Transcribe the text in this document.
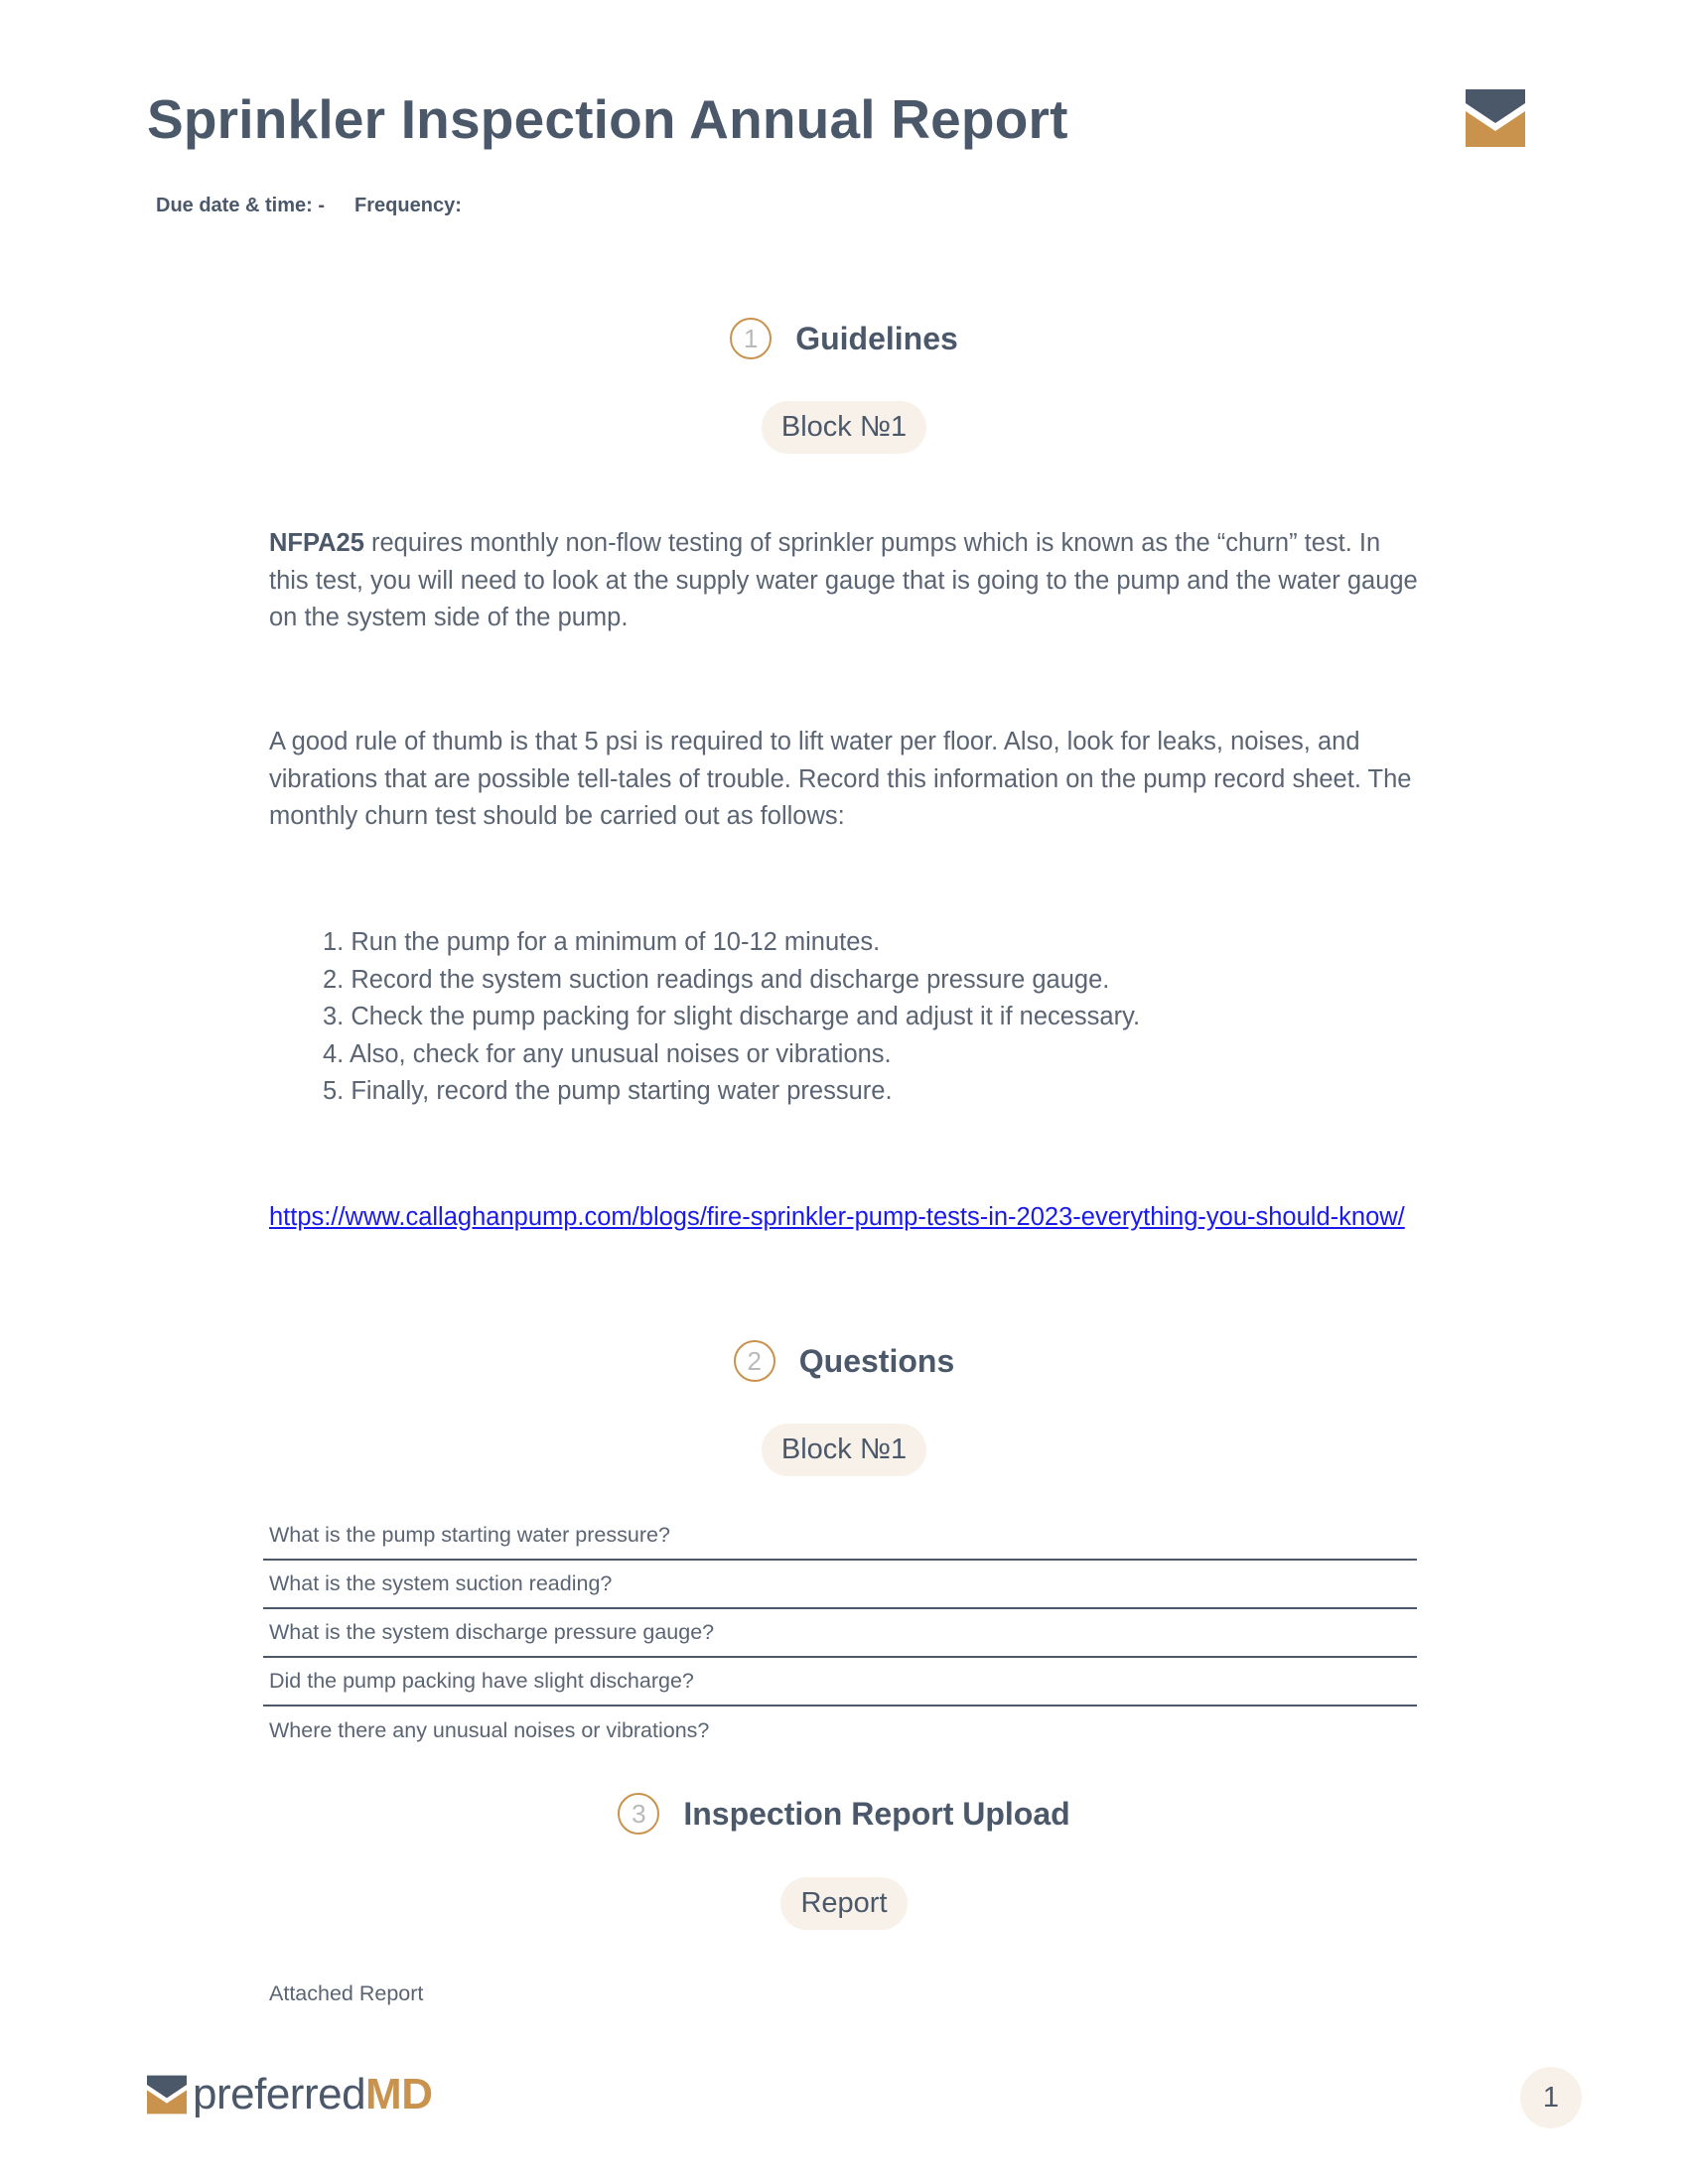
Sprinkler Inspection Annual Report
Due date & time: - Frequency:
1	Guidelines
Block №1

NFPA25 requires monthly non-flow testing of sprinkler pumps which is known as the “churn” test. In this test, you will need to look at the supply water gauge that is going to the pump and the water gauge on the system side of the pump.

A good rule of thumb is that 5 psi is required to lift water per floor. Also, look for leaks, noises, and vibrations that are possible tell-tales of trouble. Record this information on the pump record sheet. The monthly churn test should be carried out as follows:

1. Run the pump for a minimum of 10-12 minutes.
2. Record the system suction readings and discharge pressure gauge.
3. Check the pump packing for slight discharge and adjust it if necessary.
4. Also, check for any unusual noises or vibrations.
5. Finally, record the pump starting water pressure.
https://www.callaghanpump.com/blogs/fire-sprinkler-pump-tests-in-2023-everything-you-should-know/
2	Questions
Block №1
What is the pump starting water pressure?
What is the system suction reading?
What is the system discharge pressure gauge?
Did the pump packing have slight discharge?
Where there any unusual noises or vibrations?
3	Inspection Report Upload
Report
Attached Report
preferredMD	1
